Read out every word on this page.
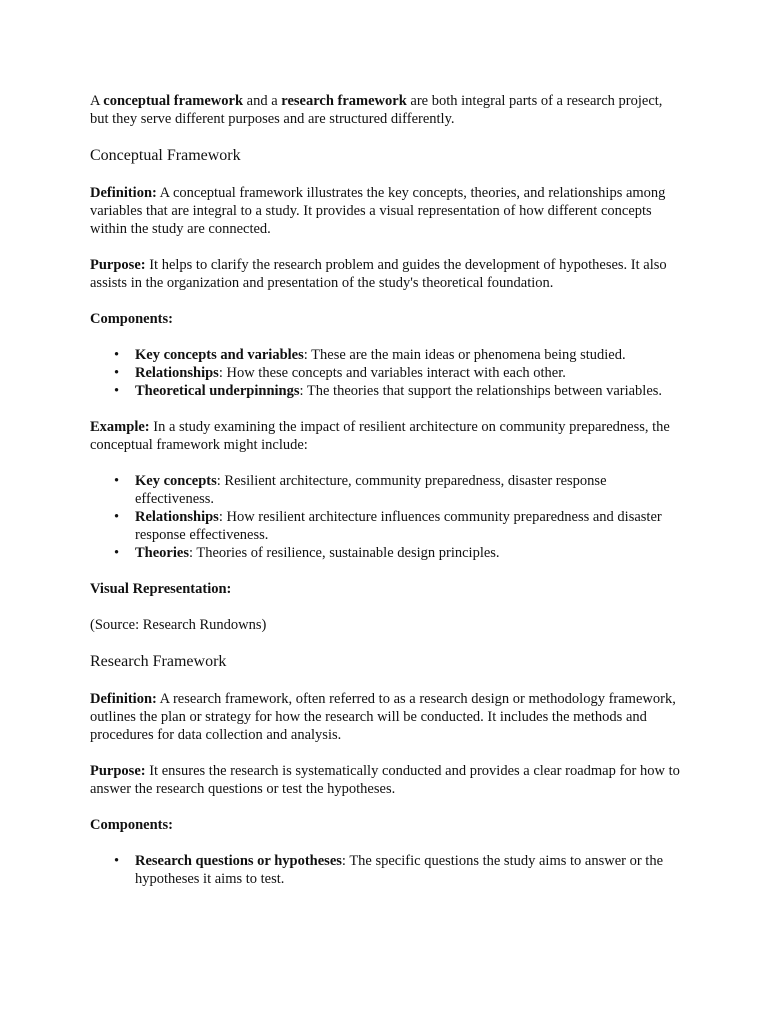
A conceptual framework and a research framework are both integral parts of a research project, but they serve different purposes and are structured differently.

Conceptual Framework

Definition: A conceptual framework illustrates the key concepts, theories, and relationships among variables that are integral to a study. It provides a visual representation of how different concepts within the study are connected.

Purpose: It helps to clarify the research problem and guides the development of hypotheses. It also assists in the organization and presentation of the study's theoretical foundation.

Components:

• Key concepts and variables: These are the main ideas or phenomena being studied.
• Relationships: How these concepts and variables interact with each other.
• Theoretical underpinnings: The theories that support the relationships between variables.

Example: In a study examining the impact of resilient architecture on community preparedness, the conceptual framework might include:

• Key concepts: Resilient architecture, community preparedness, disaster response effectiveness.
• Relationships: How resilient architecture influences community preparedness and disaster response effectiveness.
• Theories: Theories of resilience, sustainable design principles.

Visual Representation:

(Source: Research Rundowns)

Research Framework

Definition: A research framework, often referred to as a research design or methodology framework, outlines the plan or strategy for how the research will be conducted. It includes the methods and procedures for data collection and analysis.

Purpose: It ensures the research is systematically conducted and provides a clear roadmap for how to answer the research questions or test the hypotheses.

Components:

• Research questions or hypotheses: The specific questions the study aims to answer or the hypotheses it aims to test.
